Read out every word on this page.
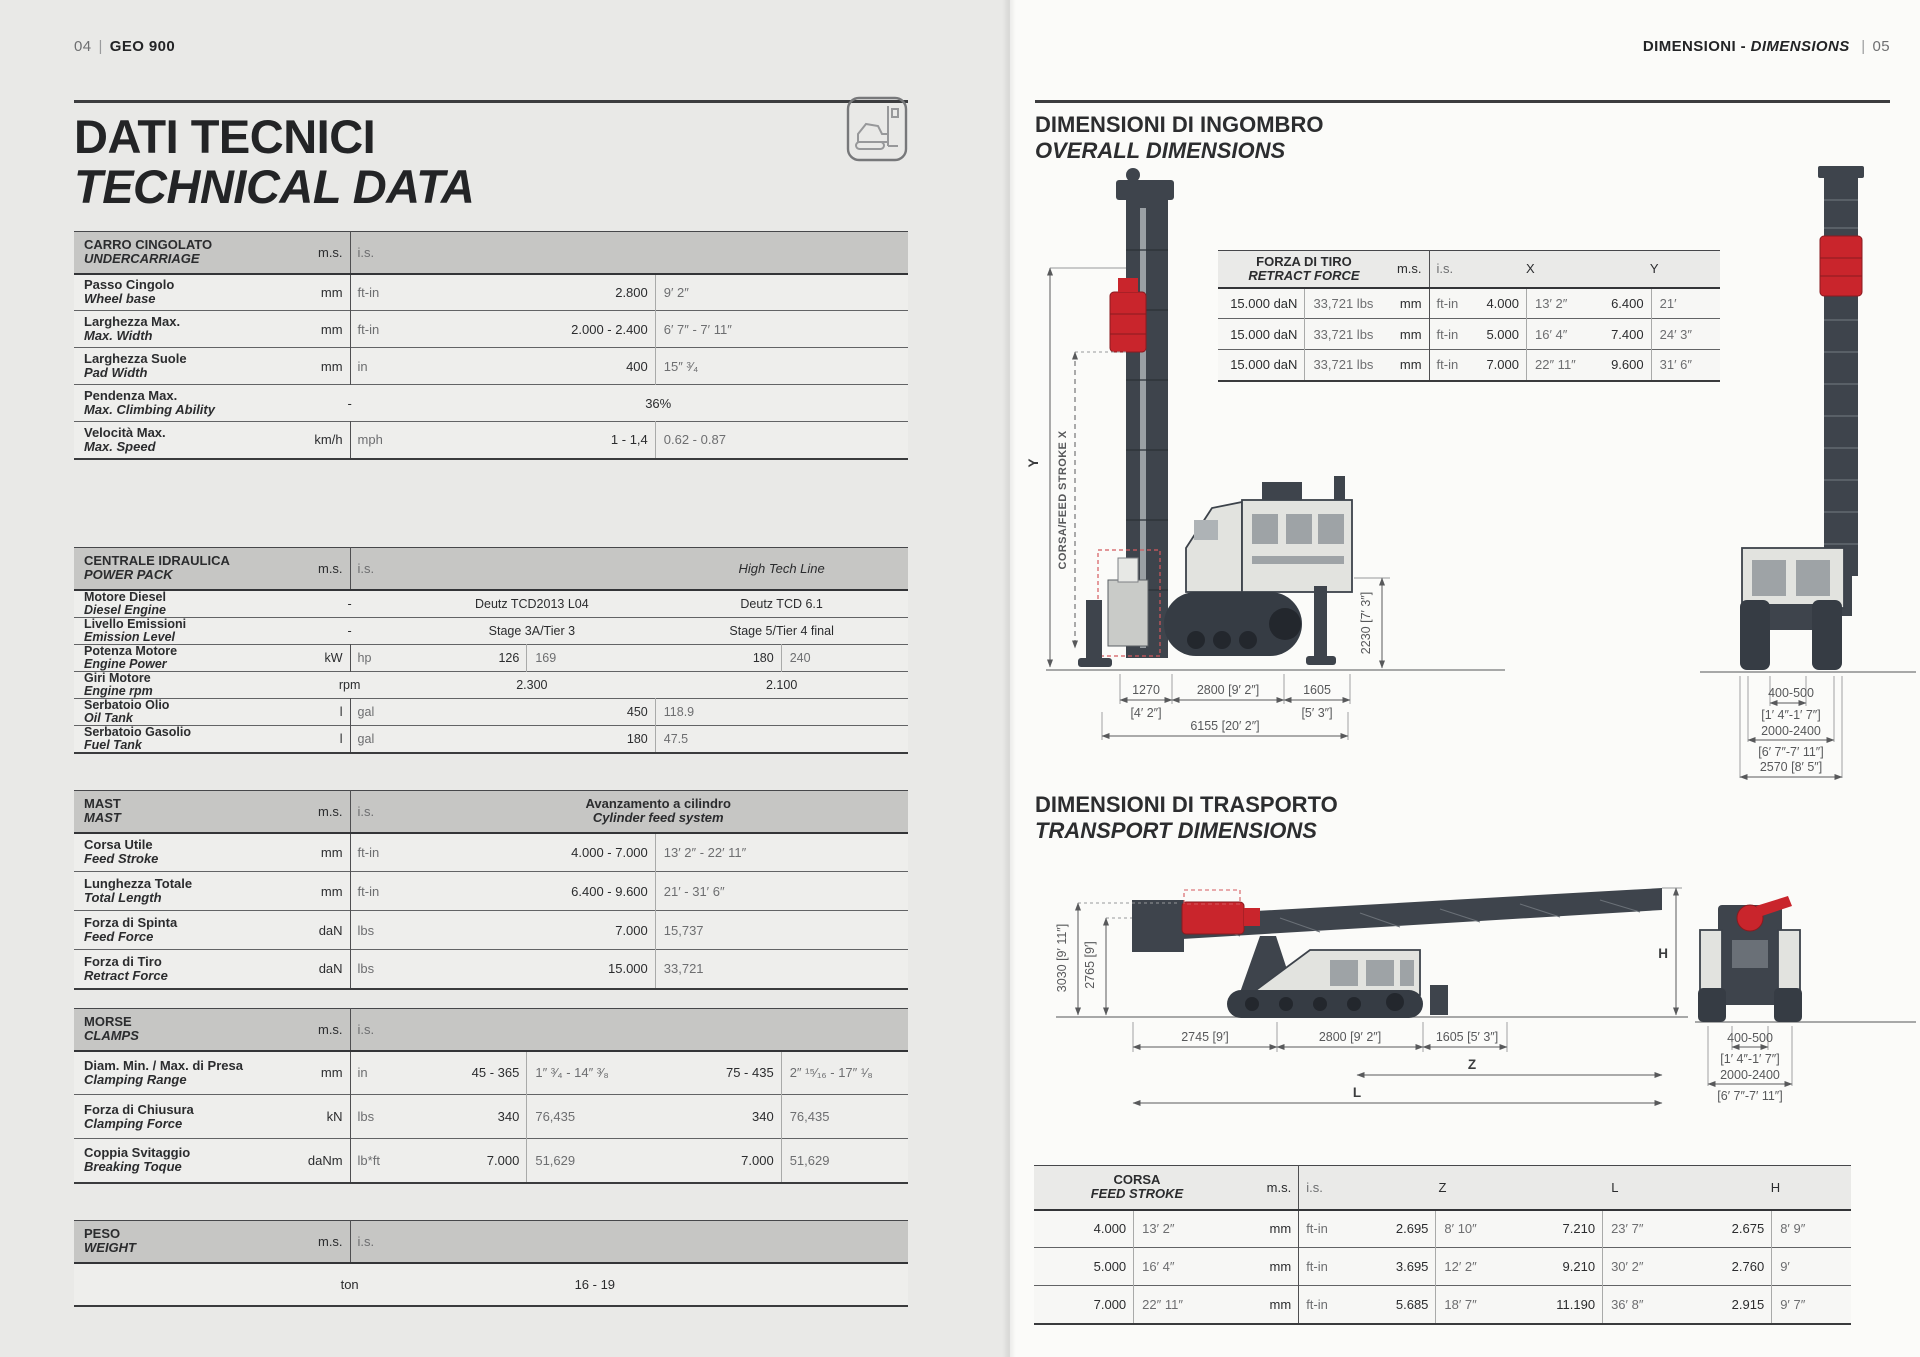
04 | GEO 900
DATI TECNICI
TECHNICAL DATA
CARRO CINGOLATO
UNDERCARRIAGE	m.s.	i.s.		

Passo Cingolo
Wheel base	mm	ft-in	2.800	9′ 2″

Larghezza Max.
Max. Width	mm	ft-in	2.000 - 2.400	6′ 7″ - 7′ 11″

Larghezza Suole
Pad Width	mm	in	400	15″ ³⁄₄

Pendenza Max.
Max. Climbing Ability	-		36%	

Velocità Max.
Max. Speed	km/h	mph	1 - 1,4	0.62 - 0.87
CENTRALE IDRAULICA
POWER PACK	m.s.	i.s.			High Tech Line	

Motore Diesel
Diesel Engine	-		Deutz TCD2013 L04		Deutz TCD 6.1	

Livello Emissioni
Emission Level	-		Stage 3A/Tier 3		Stage 5/Tier 4 final	

Potenza Motore
Engine Power	kW	hp	126	169	180	240

Giri Motore
Engine rpm	rpm		2.300		2.100	

Serbatoio Olio
Oil Tank	l	gal	450		118.9	

Serbatoio Gasolio
Fuel Tank	l	gal	180		47.5	
MAST
MAST	m.s.	i.s.	Avanzamento a cilindro
Cylinder feed system

Corsa Utile
Feed Stroke	mm	ft-in	4.000 - 7.000	13′ 2″ - 22′ 11″

Lunghezza Totale
Total Length	mm	ft-in	6.400 - 9.600	21′ - 31′ 6″

Forza di Spinta
Feed Force	daN	lbs	7.000	15,737

Forza di Tiro
Retract Force	daN	lbs	15.000	33,721
MORSE
CLAMPS	m.s.	i.s.				

Diam. Min. / Max. di Presa
Clamping Range	mm	in	45 - 365	1″ ³⁄₄ - 14″ ³⁄₈	75 - 435	2″ ¹⁵⁄₁₆ - 17″ ¹⁄₈

Forza di Chiusura
Clamping Force	kN	lbs	340	76,435	340	76,435

Coppia Svitaggio
Breaking Toque	daNm	lb*ft	7.000	51,629	7.000	51,629
PESO
WEIGHT	m.s.	i.s.		
	ton		16 - 19	
DIMENSIONI - DIMENSIONS | 05
DIMENSIONI DI INGOMBRO
OVERALL DIMENSIONS
Y CORSA/FEED STROKE X
2230 [7′ 3″]
1270
[4′ 2″]
2800 [9′ 2″]	1605
[5′ 3″]
6155 [20′ 2″]
400-500
[1′ 4″-1′ 7″]
2000-2400
[6′ 7″-7′ 11″]
2570 [8′ 5″]
FORZA DI TIRO
RETRACT FORCE		m.s.	i.s.	X		Y	
15.000 daN	33,721 lbs	mm	ft-in	4.000	13′ 2″	6.400	21′
15.000 daN	33,721 lbs	mm	ft-in	5.000	16′ 4″	7.400	24′ 3″
15.000 daN	33,721 lbs	mm	ft-in	7.000	22″ 11″	9.600	31′ 6″
DIMENSIONI DI TRASPORTO
TRANSPORT DIMENSIONS
3030 [9′ 11″] 2765 [9′]
2745 [9′]	2800 [9′ 2″]	1605 [5′ 3″]
Z
L
H
400-500
[1′ 4″-1′ 7″]
2000-2400
[6′ 7″-7′ 11″]
CORSA
FEED STROKE		m.s.	i.s.	Z		L		H	
4.000	13′ 2″	mm	ft-in	2.695	8′ 10″	7.210	23′ 7″	2.675	8′ 9″
5.000	16′ 4″	mm	ft-in	3.695	12′ 2″	9.210	30′ 2″	2.760	9′
7.000	22″ 11″	mm	ft-in	5.685	18′ 7″	11.190	36′ 8″	2.915	9′ 7″
